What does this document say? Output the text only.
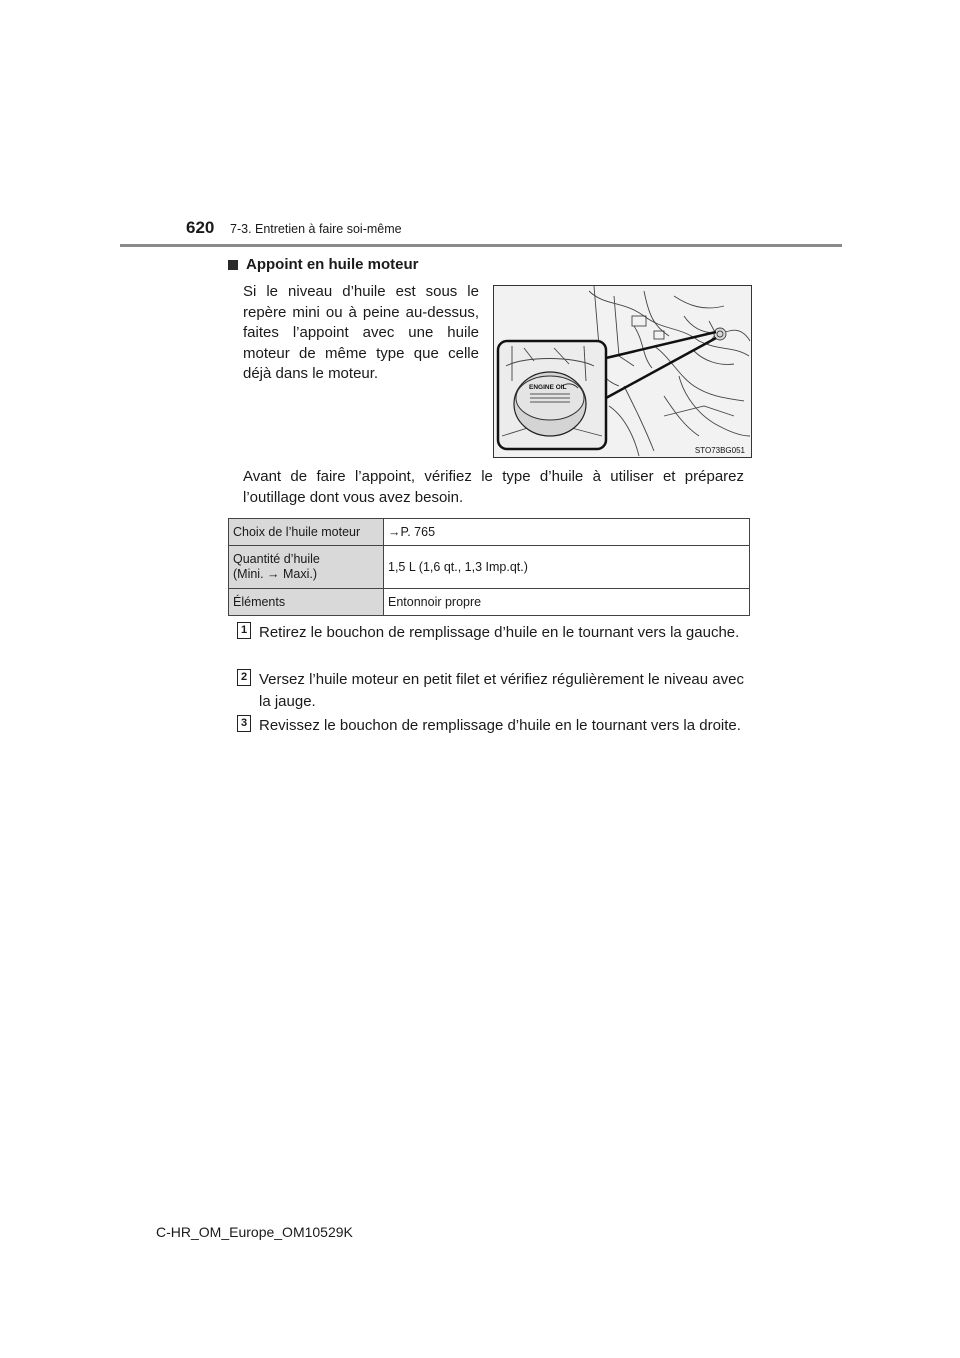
620 7-3. Entretien à faire soi-même
Appoint en huile moteur
Si le niveau d’huile est sous le repère mini ou à peine au-dessus, faites l’appoint avec une huile moteur de même type que celle déjà dans le moteur.
ENGINE OIL
STO73BG051
Avant de faire l’appoint, vérifiez le type d’huile à utiliser et préparez l’outillage dont vous avez besoin.
Choix de l’huile moteur	→P. 765

Quantité d’huile
(Mini. → Maxi.)	1,5 L (1,6 qt., 1,3 Imp.qt.)
Éléments	Entonnoir propre
1 Retirez le bouchon de remplissage d’huile en le tournant vers la gauche.
2 Versez l’huile moteur en petit filet et vérifiez régulièrement le niveau avec la jauge.
3 Revissez le bouchon de remplissage d’huile en le tournant vers la droite.
C-HR_OM_Europe_OM10529K
